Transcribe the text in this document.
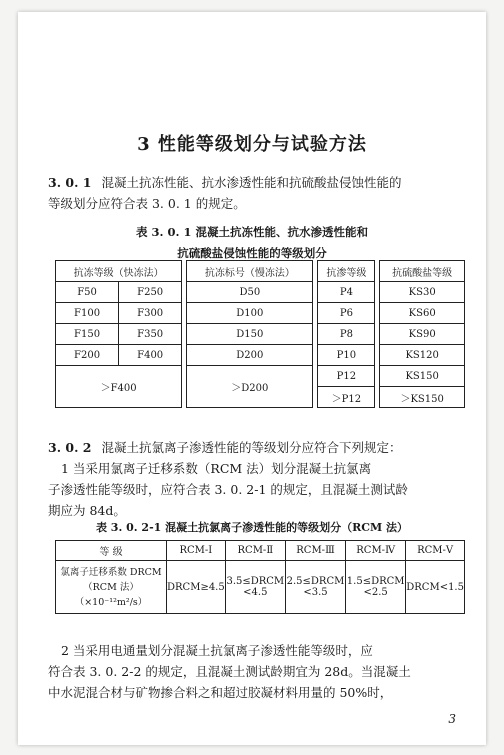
3 性能等级划分与试验方法
3. 0. 1 混凝土抗冻性能、抗水渗透性能和抗硫酸盐侵蚀性能的
等级划分应符合表 3. 0. 1 的规定。
表 3. 0. 1 混凝土抗冻性能、抗水渗透性能和
抗硫酸盐侵蚀性能的等级划分
抗冻等级（快冻法）			抗冻标号（慢冻法）		抗渗等级		抗硫酸盐等级
F50	F250		D50		P4		KS30
F100	F300		D100		P6		KS60
F150	F350		D150		P8		KS90
F200	F400		D200		P10		KS120
＞F400			＞D200		P12		KS150
					＞P12		＞KS150
3. 0. 2 混凝土抗氯离子渗透性能的等级划分应符合下列规定：
1 当采用氯离子迁移系数（RCM 法）划分混凝土抗氯离
子渗透性能等级时，应符合表 3. 0. 2-1 的规定，且混凝土测试龄
期应为 84d。
表 3. 0. 2-1 混凝土抗氯离子渗透性能的等级划分（RCM 法）
等 级	RCM-Ⅰ	RCM-Ⅱ	RCM-Ⅲ	RCM-Ⅳ	RCM-Ⅴ

氯离子迁移系数 DRCM
（RCM 法）
（×10⁻¹²m²/s）	DRCM≥4.5	3.5≤DRCM <4.5	2.5≤DRCM <3.5	1.5≤DRCM <2.5	DRCM<1.5
2 当采用电通量划分混凝土抗氯离子渗透性能等级时，应
符合表 3. 0. 2-2 的规定，且混凝土测试龄期宜为 28d。当混凝土
中水泥混合材与矿物掺合料之和超过胶凝材料用量的 50%时，
3
